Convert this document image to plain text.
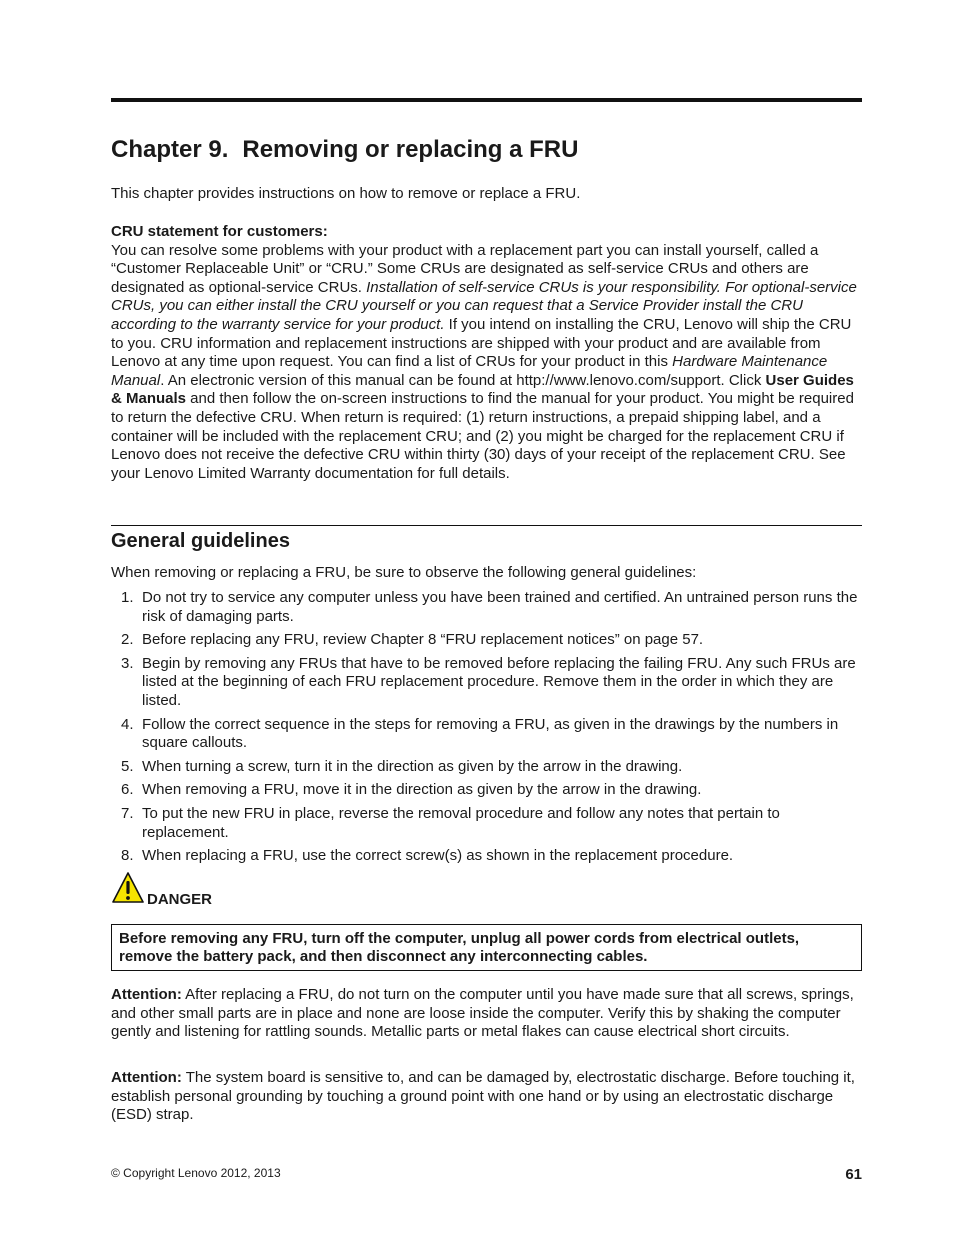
Chapter 9. Removing or replacing a FRU

This chapter provides instructions on how to remove or replace a FRU.

CRU statement for customers:

You can resolve some problems with your product with a replacement part you can install yourself, called a “Customer Replaceable Unit” or “CRU.” Some CRUs are designated as self-service CRUs and others are designated as optional-service CRUs. Installation of self-service CRUs is your responsibility. For optional-service CRUs, you can either install the CRU yourself or you can request that a Service Provider install the CRU according to the warranty service for your product. If you intend on installing the CRU, Lenovo will ship the CRU to you. CRU information and replacement instructions are shipped with your product and are available from Lenovo at any time upon request. You can find a list of CRUs for your product in this Hardware Maintenance Manual. An electronic version of this manual can be found at http://www.lenovo.com/support. Click User Guides & Manuals and then follow the on-screen instructions to find the manual for your product. You might be required to return the defective CRU. When return is required: (1) return instructions, a prepaid shipping label, and a container will be included with the replacement CRU; and (2) you might be charged for the replacement CRU if Lenovo does not receive the defective CRU within thirty (30) days of your receipt of the replacement CRU. See your Lenovo Limited Warranty documentation for full details.

General guidelines

When removing or replacing a FRU, be sure to observe the following general guidelines:

1. Do not try to service any computer unless you have been trained and certified. An untrained person runs the risk of damaging parts.
2. Before replacing any FRU, review Chapter 8 “FRU replacement notices” on page 57.
3. Begin by removing any FRUs that have to be removed before replacing the failing FRU. Any such FRUs are listed at the beginning of each FRU replacement procedure. Remove them in the order in which they are listed.
4. Follow the correct sequence in the steps for removing a FRU, as given in the drawings by the numbers in square callouts.
5. When turning a screw, turn it in the direction as given by the arrow in the drawing.
6. When removing a FRU, move it in the direction as given by the arrow in the drawing.
7. To put the new FRU in place, reverse the removal procedure and follow any notes that pertain to replacement.
8. When replacing a FRU, use the correct screw(s) as shown in the replacement procedure.
DANGER
Before removing any FRU, turn off the computer, unplug all power cords from electrical outlets, remove the battery pack, and then disconnect any interconnecting cables.

Attention: After replacing a FRU, do not turn on the computer until you have made sure that all screws, springs, and other small parts are in place and none are loose inside the computer. Verify this by shaking the computer gently and listening for rattling sounds. Metallic parts or metal flakes can cause electrical short circuits.

Attention: The system board is sensitive to, and can be damaged by, electrostatic discharge. Before touching it, establish personal grounding by touching a ground point with one hand or by using an electrostatic discharge (ESD) strap.

© Copyright Lenovo 2012, 2013	61
